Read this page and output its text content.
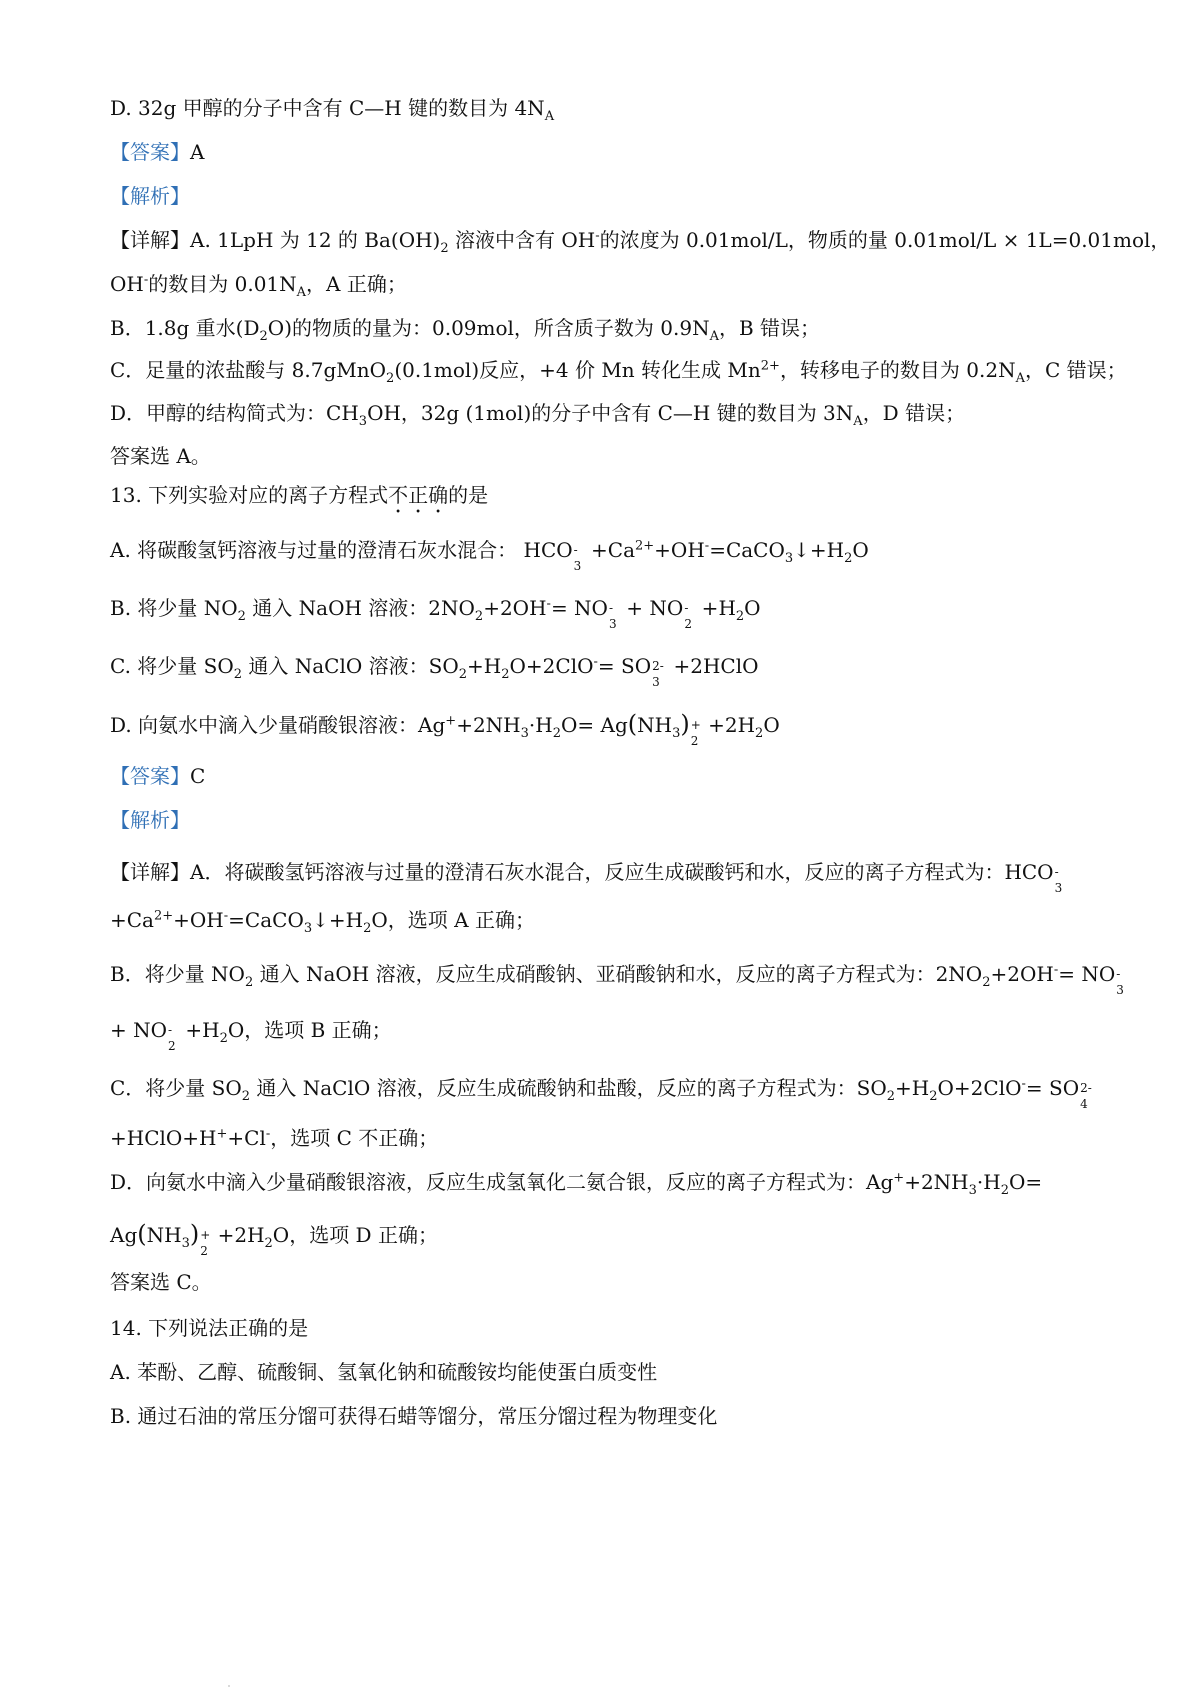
D. 32g 甲醇的分子中含有 C—H 键的数目为 $4N_A$
【答案】A
【解析】
【详解】A. 1LpH 为 12 的 $Ba(OH)_2$ 溶液中含有 OH-的浓度为 0.01mol/L，物质的量 0.01mol/L × 1L=0.01mol，
OH-的数目为 $0.01N_A$，A 正确；
B．1.8g 重水$(D_2O)$的物质的量为：0.09mol，所含质子数为 $0.9N_A$，B 错误；
C．足量的浓盐酸与 8.7gMnO$_2$(0.1mol)反应，+4 价 Mn 转化生成 $Mn^{2+}$，转移电子的数目为 $0.2N_A$，C 错误；
D．甲醇的结构简式为：$CH_3OH$，32g (1mol)的分子中含有 C—H 键的数目为 $3N_A$，D 错误；
答案选 A。
13. 下列实验对应的离子方程式不正确的是
A. 将碳酸氢钙溶液与过量的澄清石灰水混合： HCO -
3
$+Ca^{2+}+OH^-=CaCO_3↓+H_2O$
B. 将少量 $NO_2$ 通入 NaOH 溶液：$2NO_2+2OH^-=$ NO -
3
+ NO -
2
$+H_2O$
C. 将少量 $SO_2$ 通入 NaClO 溶液：$SO_2+H_2O+2ClO^-=$ SO 2-
3
+2HClO
D. 向氨水中滴入少量硝酸银溶液：$Ag^++2NH_3\cdot H_2O= Ag(NH_3)$ +
2
$+2H_2O$
【答案】C
【解析】
【详解】A．将碳酸氢钙溶液与过量的澄清石灰水混合，反应生成碳酸钙和水，反应的离子方程式为：HCO -
3
$+Ca^{2+}+OH^-=CaCO_3↓+H_2O$，选项 A 正确；
B．将少量 $NO_2$ 通入 NaOH 溶液，反应生成硝酸钠、亚硝酸钠和水，反应的离子方程式为：$2NO_2+2OH^-=$ NO -
3
+ NO -
2
$+H_2O$，选项 B 正确；
C．将少量 $SO_2$ 通入 NaClO 溶液，反应生成硫酸钠和盐酸，反应的离子方程式为：$SO_2+H_2O+2ClO^-=$ SO 2-
4
+HClO+H++Cl-，选项 C 不正确；
D．向氨水中滴入少量硝酸银溶液，反应生成氢氧化二氨合银，反应的离子方程式为：$Ag^++2NH_3\cdot H_2O=$
$Ag(NH_3)$ +
2
$+2H_2O$，选项 D 正确；
答案选 C。
14. 下列说法正确的是
A. 苯酚、乙醇、硫酸铜、氢氧化钠和硫酸铵均能使蛋白质变性
B. 通过石油的常压分馏可获得石蜡等馏分，常压分馏过程为物理变化
